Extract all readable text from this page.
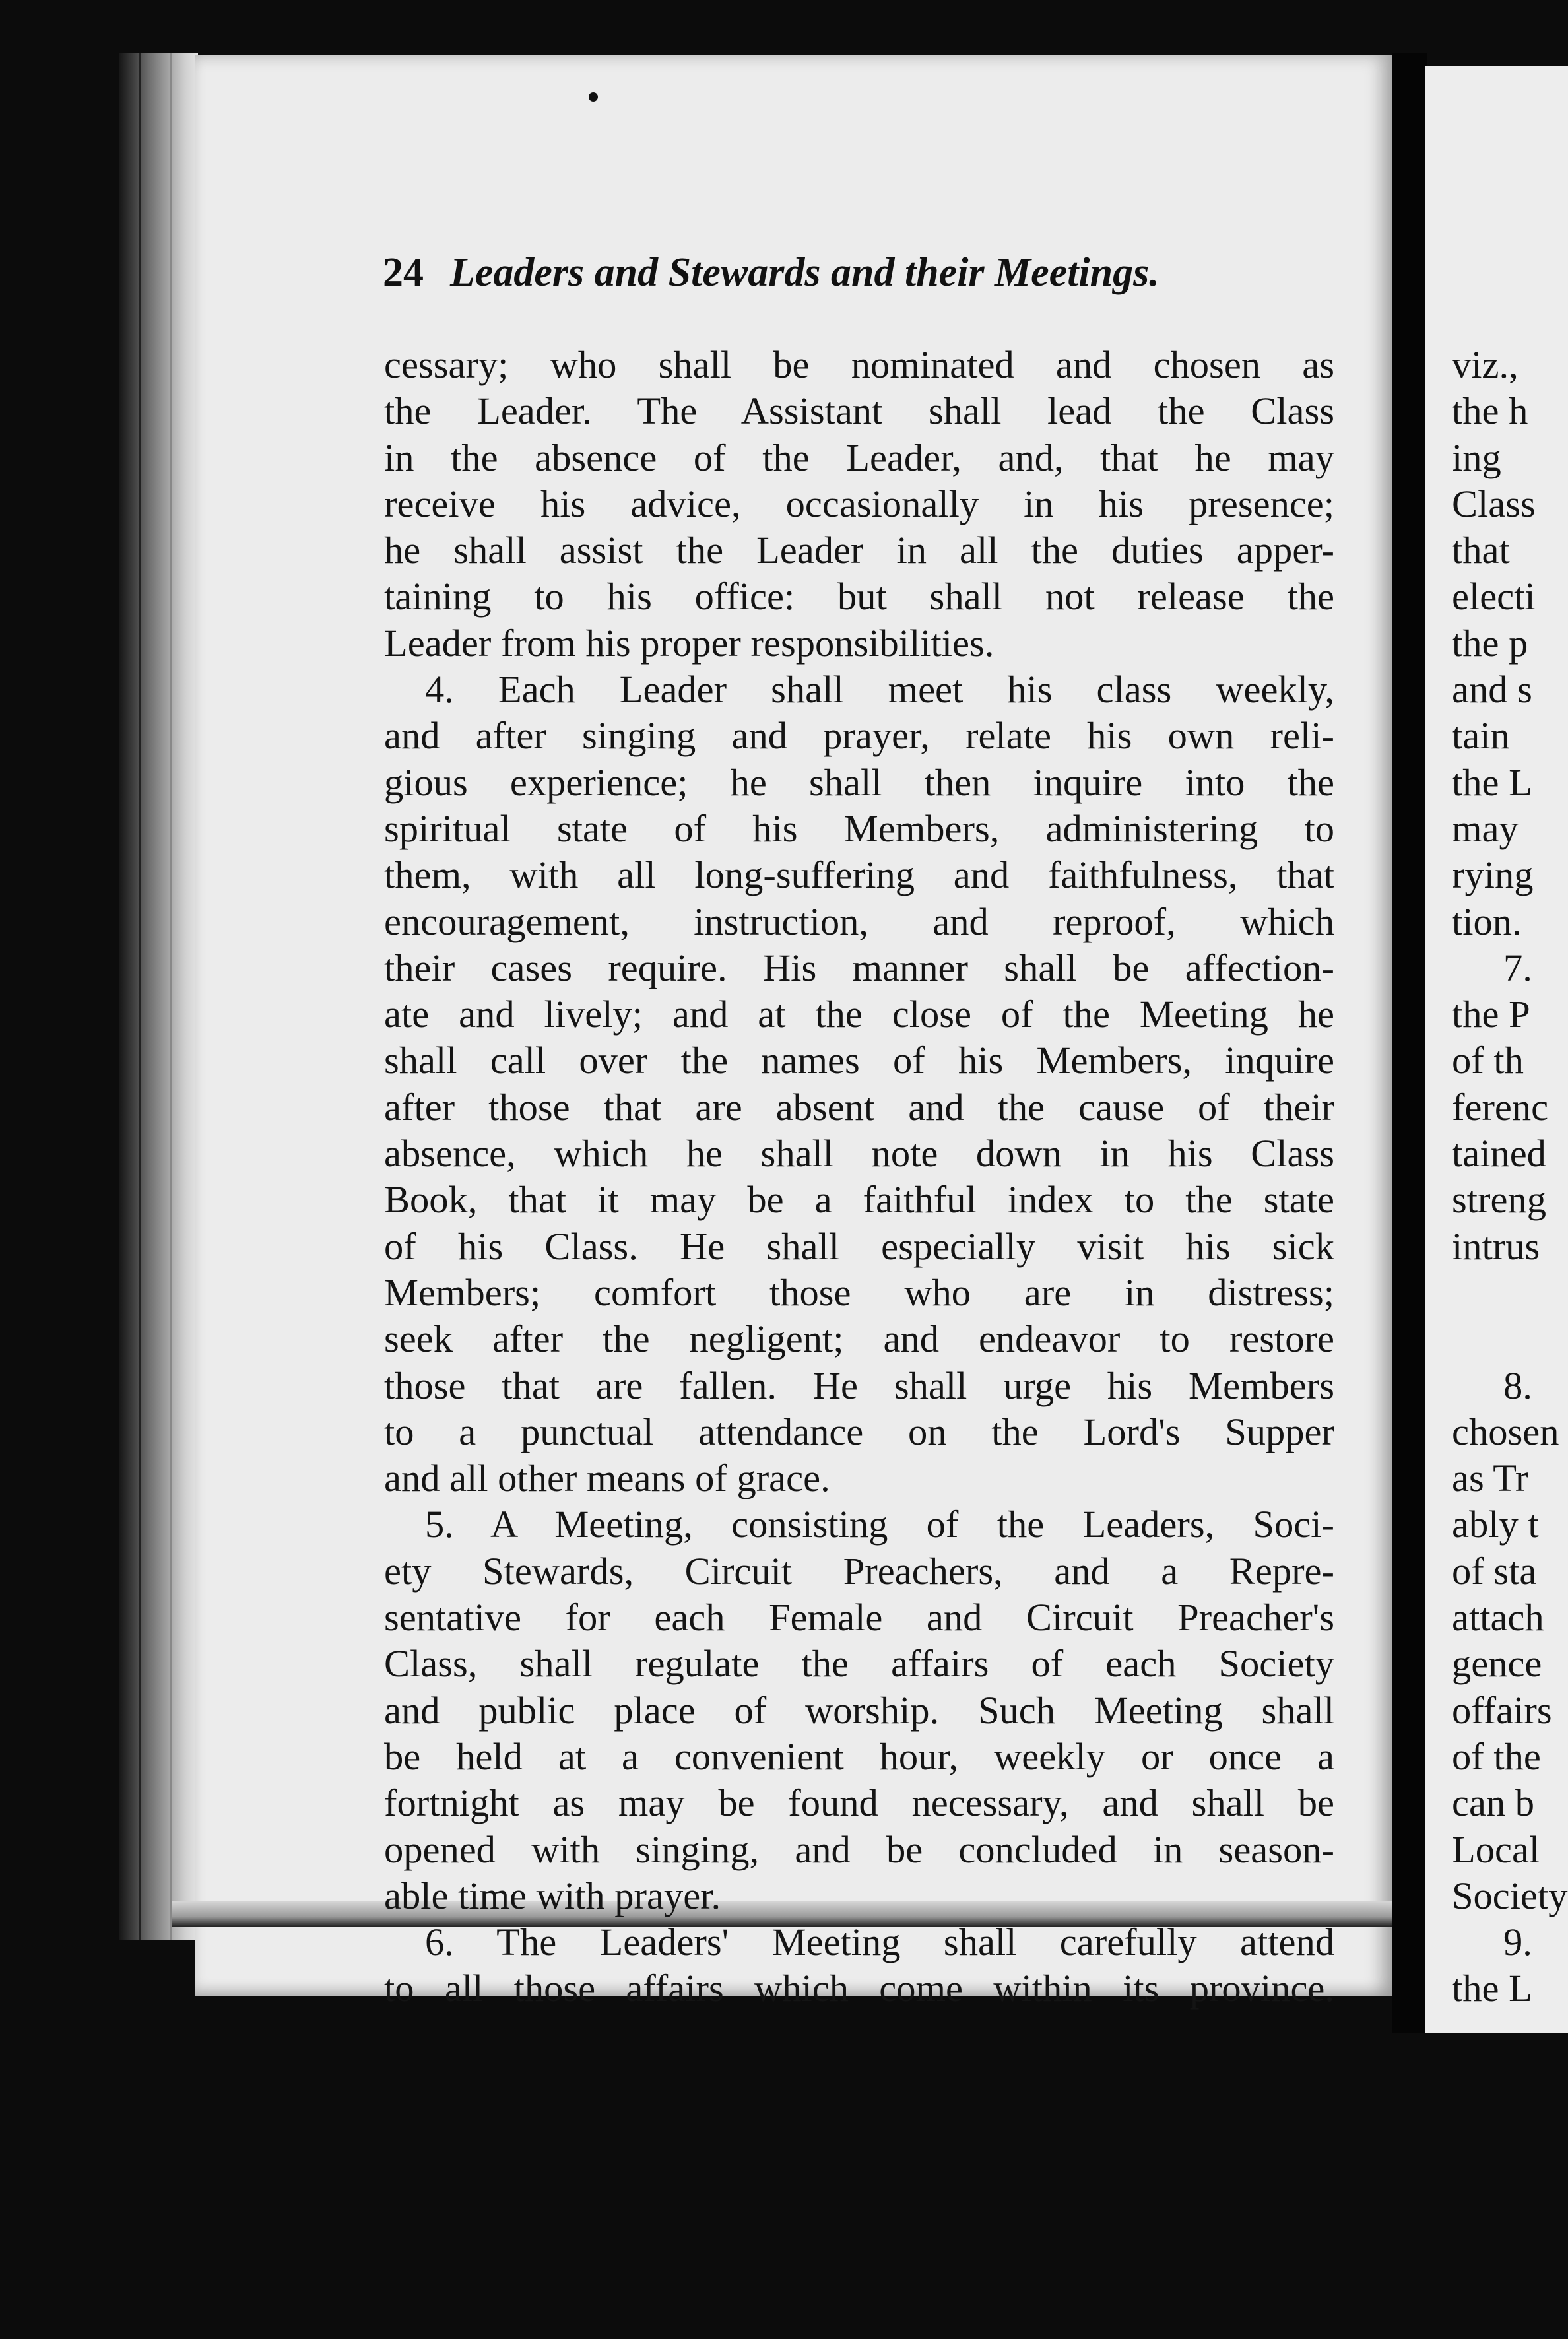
24 Leaders and Stewards and their Meetings.
cessary; who shall be nominated and chosen as
the Leader. The Assistant shall lead the Class
in the absence of the Leader, and, that he may
receive his advice, occasionally in his presence;
he shall assist the Leader in all the duties apper-
taining to his office: but shall not release the
Leader from his proper responsibilities.
4. Each Leader shall meet his class weekly,
and after singing and prayer, relate his own reli-
gious experience; he shall then inquire into the
spiritual state of his Members, administering to
them, with all long-suffering and faithfulness, that
encouragement, instruction, and reproof, which
their cases require. His manner shall be affection-
ate and lively; and at the close of the Meeting he
shall call over the names of his Members, inquire
after those that are absent and the cause of their
absence, which he shall note down in his Class
Book, that it may be a faithful index to the state
of his Class. He shall especially visit his sick
Members; comfort those who are in distress;
seek after the negligent; and endeavor to restore
those that are fallen. He shall urge his Members
to a punctual attendance on the Lord's Supper
and all other means of grace.
5. A Meeting, consisting of the Leaders, Soci-
ety Stewards, Circuit Preachers, and a Repre-
sentative for each Female and Circuit Preacher's
Class, shall regulate the affairs of each Society
and public place of worship. Such Meeting shall
be held at a convenient hour, weekly or once a
fortnight as may be found necessary, and shall be
opened with singing, and be concluded in season-
able time with prayer.
6. The Leaders' Meeting shall carefully attend
to all those affairs which come within its province.
viz.,
the h
ing
Class
that
electi
the p
and s
tain
the L
may
rying
tion.
7.
the P
of th
ferenc
tained
streng
intrus
8.
chosen
as Tr
ably t
of sta
attach
gence
offairs
of the
can b
Local
Society
9.
the L
